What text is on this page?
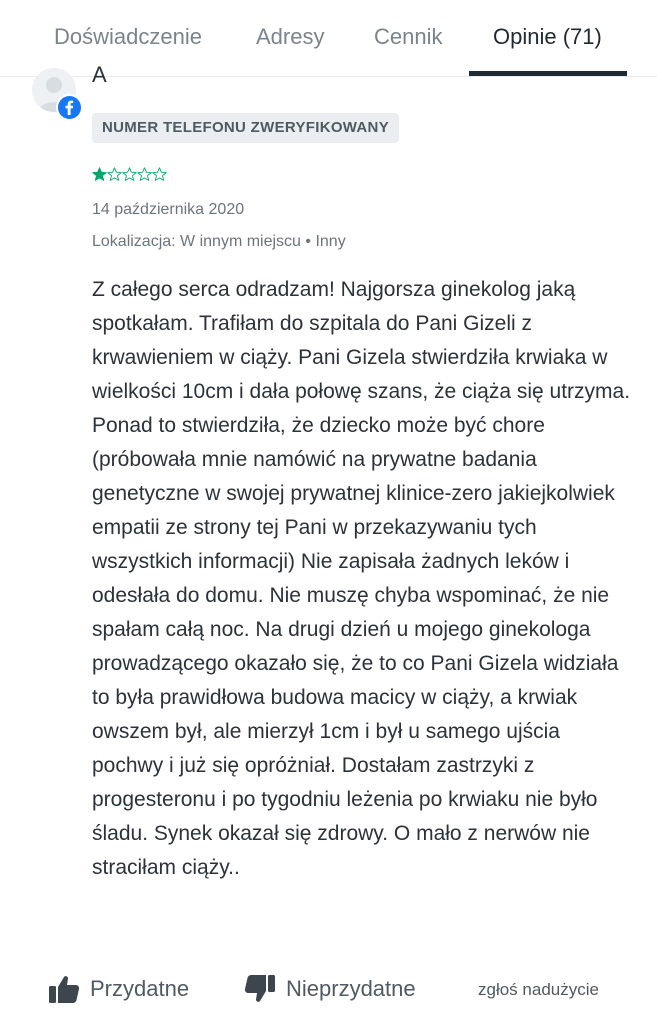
Doświadczenie Adresy Cennik Opinie (71)
A
NUMER TELEFONU ZWERYFIKOWANY
14 października 2020
Lokalizacja: W innym miejscu • Inny

Z całego serca odradzam! Najgorsza ginekolog jaką spotkałam. Trafiłam do szpitala do Pani Gizeli z krwawieniem w ciąży. Pani Gizela stwierdziła krwiaka w wielkości 10cm i dała połowę szans, że ciąża się utrzyma. Ponad to stwierdziła, że dziecko może być chore (próbowała mnie namówić na prywatne badania genetyczne w swojej prywatnej klinice-zero jakiejkolwiek empatii ze strony tej Pani w przekazywaniu tych wszystkich informacji) Nie zapisała żadnych leków i odesłała do domu. Nie muszę chyba wspominać, że nie spałam całą noc. Na drugi dzień u mojego ginekologa prowadzącego okazało się, że to co Pani Gizela widziała to była prawidłowa budowa macicy w ciąży, a krwiak owszem był, ale mierzył 1cm i był u samego ujścia pochwy i już się opróżniał. Dostałam zastrzyki z progesteronu i po tygodniu leżenia po krwiaku nie było śladu. Synek okazał się zdrowy. O mało z nerwów nie straciłam ciąży..

Przydatne	Nieprzydatne	zgłoś nadużycie
